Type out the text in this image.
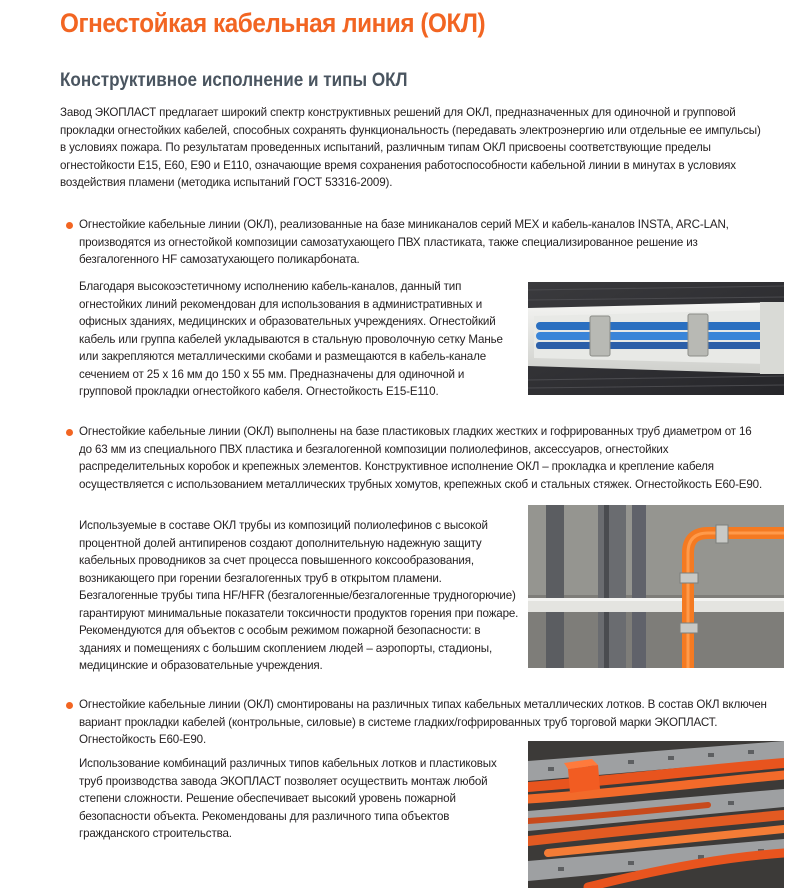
Огнестойкая кабельная линия (ОКЛ)
Конструктивное исполнение и типы ОКЛ

Завод ЭКОПЛАСТ предлагает широкий спектр конструктивных решений для ОКЛ, предназначенных для одиночной и групповой прокладки огнестойких кабелей, способных сохранять функциональность (передавать электроэнергию или отдельные ее импульсы) в условиях пожара. По результатам проведенных испытаний, различным типам ОКЛ присвоены соответствующие пределы огнестойкости E15, E60, E90 и E110, означающие время сохранения работоспособности кабельной линии в минутах в условиях воздействия пламени (методика испытаний ГОСТ 53316-2009).

Огнестойкие кабельные линии (ОКЛ), реализованные на базе миниканалов серий MEX и кабель-каналов INSTA, ARC-LAN, производятся из огнестойкой композиции самозатухающего ПВХ пластиката, также специализированное решение из безгалогенного HF самозатухающего поликарбоната.

Благодаря высокоэстетичному исполнению кабель-каналов, данный тип огнестойких линий рекомендован для использования в административных и офисных зданиях, медицинских и образовательных учреждениях. Огнестойкий кабель или группа кабелей укладываются в стальную проволочную сетку Манье или закрепляются металлическими скобами и размещаются в кабель-канале сечением от 25 х 16 мм до 150 х 55 мм. Предназначены для одиночной и групповой прокладки огнестойкого кабеля. Огнестойкость Е15-Е110.

Огнестойкие кабельные линии (ОКЛ) выполнены на базе пластиковых гладких жестких и гофрированных труб диаметром от 16 до 63 мм из специального ПВХ пластика и безгалогенной композиции полиолефинов, аксессуаров, огнестойких распределительных коробок и крепежных элементов. Конструктивное исполнение ОКЛ – прокладка и крепление кабеля осуществляется с использованием металлических трубных хомутов, крепежных скоб и стальных стяжек. Огнестойкость Е60-Е90.

Используемые в составе ОКЛ трубы из композиций полиолефинов с высокой процентной долей антипиренов создают дополнительную надежную защиту кабельных проводников за счет процесса повышенного коксообразования, возникающего при горении безгалогенных труб в открытом пламени. Безгалогенные трубы типа HF/HFR (безгалогенные/безгалогенные трудногорючие) гарантируют минимальные показатели токсичности продуктов горения при пожаре. Рекомендуются для объектов с особым режимом пожарной безопасности: в зданиях и помещениях с большим скоплением людей – аэропорты, стадионы, медицинские и образовательные учреждения.

Огнестойкие кабельные линии (ОКЛ) смонтированы на различных типах кабельных металлических лотков. В состав ОКЛ включен вариант прокладки кабелей (контрольные, силовые) в системе гладких/гофрированных труб торговой марки ЭКОПЛАСТ. Огнестойкость Е60-Е90.

Использование комбинаций различных типов кабельных лотков и пластиковых труб производства завода ЭКОПЛАСТ позволяет осуществить монтаж любой степени сложности. Решение обеспечивает высокий уровень пожарной безопасности объекта. Рекомендованы для различного типа объектов гражданского строительства.
